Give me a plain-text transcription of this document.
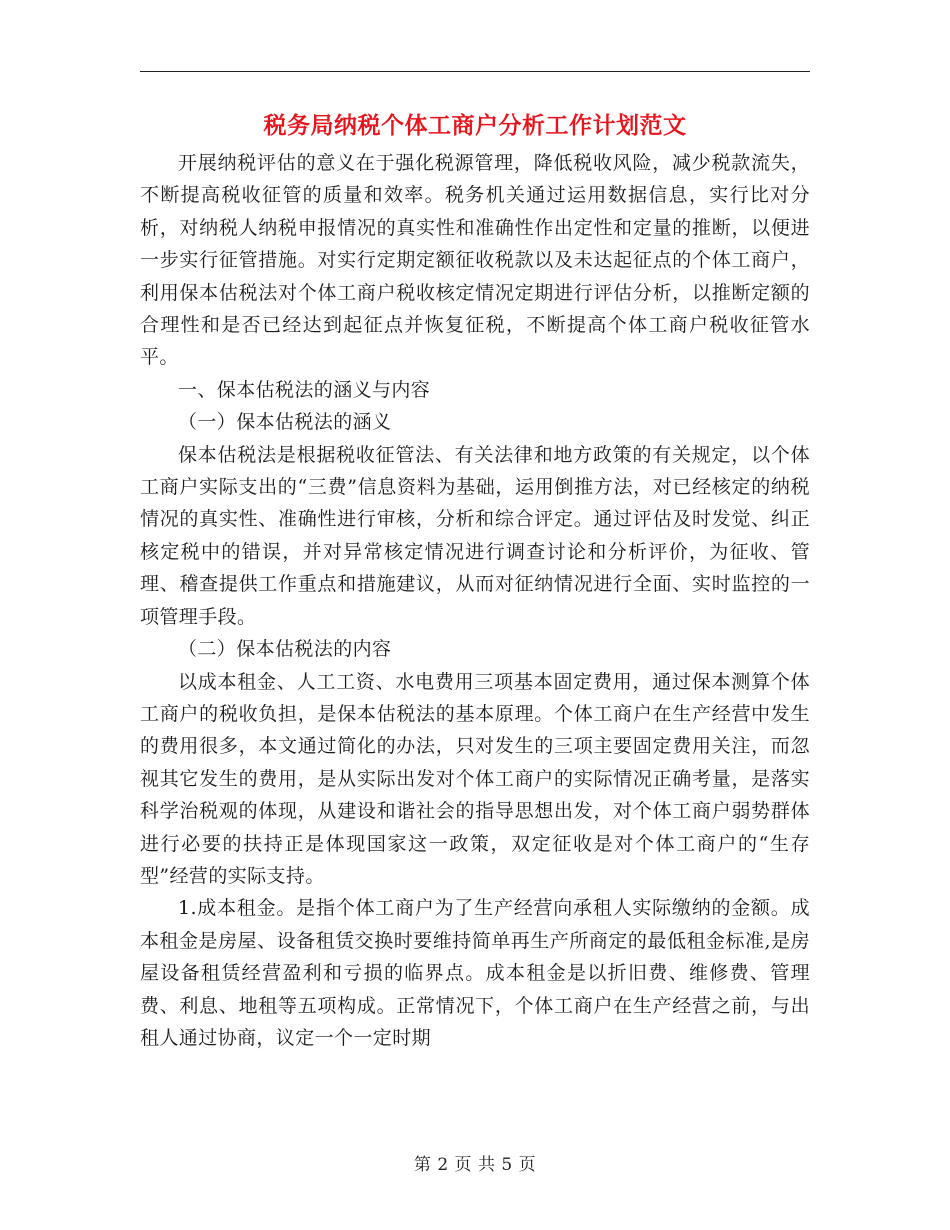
税务局纳税个体工商户分析工作计划范文

开展纳税评估的意义在于强化税源管理，降低税收风险，减少税款流失，不断提高税收征管的质量和效率。税务机关通过运用数据信息，实行比对分析，对纳税人纳税申报情况的真实性和准确性作出定性和定量的推断，以便进一步实行征管措施。对实行定期定额征收税款以及未达起征点的个体工商户，利用保本估税法对个体工商户税收核定情况定期进行评估分析，以推断定额的合理性和是否已经达到起征点并恢复征税，不断提高个体工商户税收征管水平。

一、保本估税法的涵义与内容

（一）保本估税法的涵义

保本估税法是根据税收征管法、有关法律和地方政策的有关规定，以个体工商户实际支出的“三费”信息资料为基础，运用倒推方法，对已经核定的纳税情况的真实性、准确性进行审核，分析和综合评定。通过评估及时发觉、纠正核定税中的错误，并对异常核定情况进行调查讨论和分析评价，为征收、管理、稽查提供工作重点和措施建议，从而对征纳情况进行全面、实时监控的一项管理手段。

（二）保本估税法的内容

以成本租金、人工工资、水电费用三项基本固定费用，通过保本测算个体工商户的税收负担，是保本估税法的基本原理。个体工商户在生产经营中发生的费用很多，本文通过简化的办法，只对发生的三项主要固定费用关注，而忽视其它发生的费用，是从实际出发对个体工商户的实际情况正确考量，是落实科学治税观的体现，从建设和谐社会的指导思想出发，对个体工商户弱势群体进行必要的扶持正是体现国家这一政策，双定征收是对个体工商户的“生存型”经营的实际支持。

1.成本租金。是指个体工商户为了生产经营向承租人实际缴纳的金额。成本租金是房屋、设备租赁交换时要维持简单再生产所商定的最低租金标准,是房屋设备租赁经营盈利和亏损的临界点。成本租金是以折旧费、维修费、管理费、利息、地租等五项构成。正常情况下，个体工商户在生产经营之前，与出租人通过协商，议定一个一定时期

第 2 页 共 5 页
